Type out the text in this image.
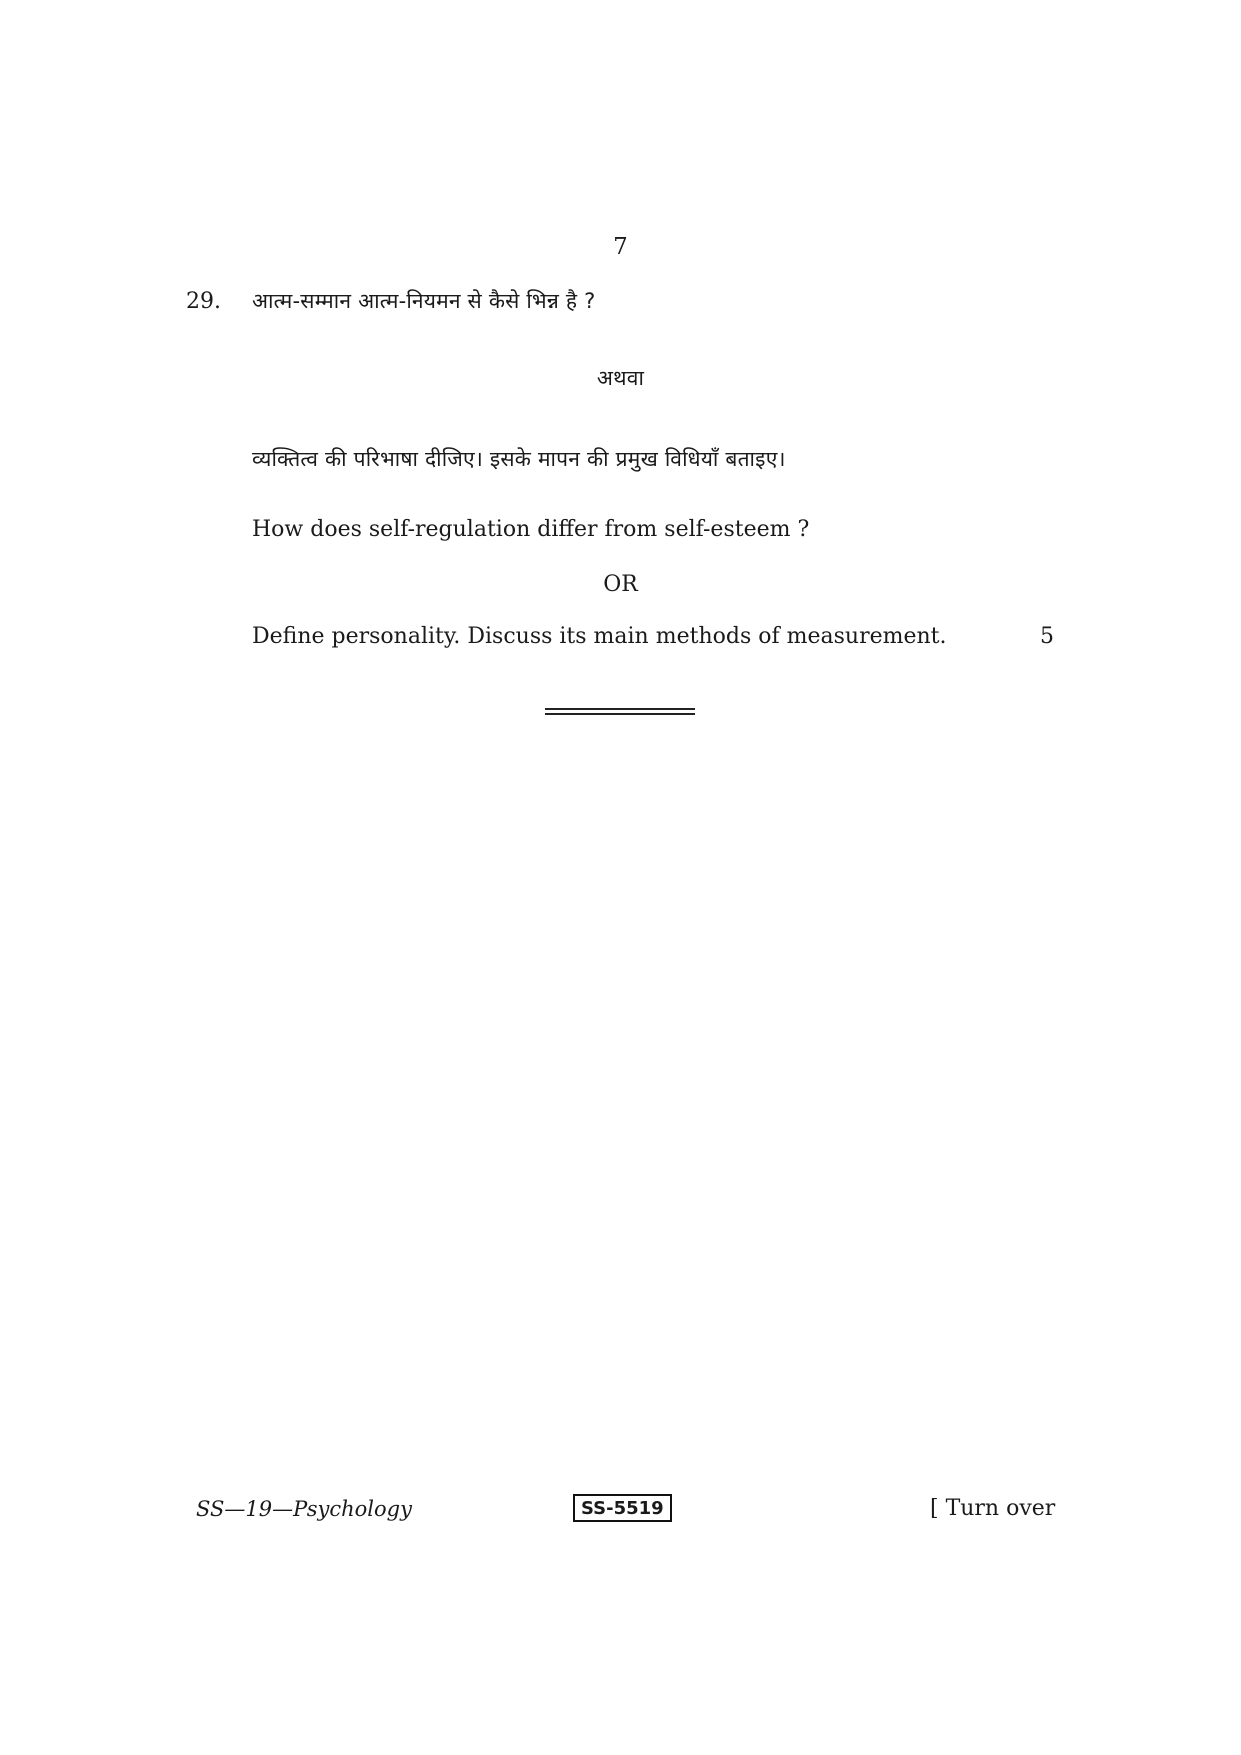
7
29. आत्म-सम्मान आत्म-नियमन से कैसे भिन्न है ?
अथवा
व्यक्तित्व की परिभाषा दीजिए। इसके मापन की प्रमुख विधियाँ बताइए।
How does self-regulation differ from self-esteem ?
OR
Define personality. Discuss its main methods of measurement.	5
SS—19—Psychology	SS-5519	[ Turn over
